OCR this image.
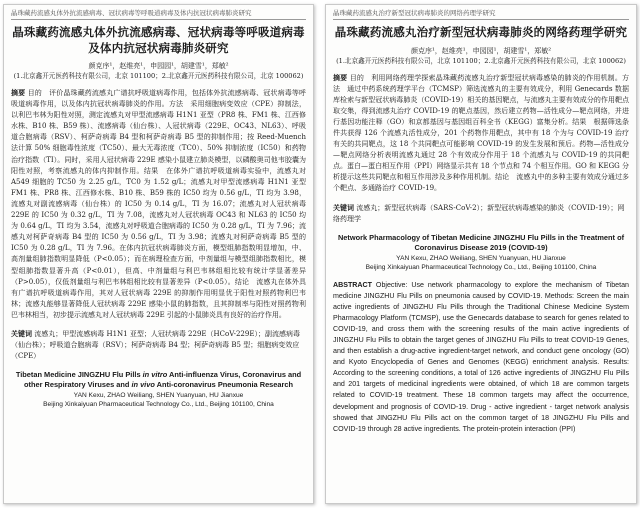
晶珠藏药流感丸体外抗流感病毒、冠状病毒等呼吸道病毒及体内抗冠状病毒肺炎研究
晶珠藏药流感丸体外抗流感病毒、冠状病毒等呼吸道病毒及体内抗冠状病毒肺炎研究
颜克序¹，赵维亮¹，申园园¹，胡建雪¹，郑敏²
(1.北京鑫开元医药科技有限公司，北京 101100；2.北京鑫开元医药科技有限公司，北京 100062)
摘要 目的　评价晶珠藏药流感丸广谱抗呼吸道病毒作用，包括体外抗流感病毒、冠状病毒等呼吸道病毒作用，以及体内抗冠状病毒肺炎的作用。方法　采用细胞病变效应（CPE）抑制法，以利巴韦林为阳性对照，测定流感丸对甲型流感病毒 H1N1 亚型（PR8 株、FM1 株、江西修水株、B10 株、B59 株）、流感病毒（仙台株）、人冠状病毒（229E、OC43、NL63）、呼吸道合胞病毒（RSV）、柯萨奇病毒 B4 型和柯萨奇病毒 B5 型的抑制作用；按 Reed-Muench 法计算 50% 细胞毒性浓度（TC50）、最大无毒浓度（TC0）、50% 抑制浓度（IC50）和药物治疗指数（TI）。同时，采用人冠状病毒 229E 感染小鼠建立肺炎模型，以磷酸奥司他韦胶囊为阳性对照，考察流感丸的体内抑制作用。结果　在体外广谱抗呼吸道病毒实验中，流感丸对 A549 细胞的 TC50 为 2.25 g/L，TC0 为 1.52 g/L；流感丸对甲型流感病毒 H1N1 亚型 FM1 株、PR8 株、江西修水株、B10 株、B59 株的 IC50 均为 0.56 g/L，TI 均为 3.98，流感丸对副流感病毒（仙台株）的 IC50 为 0.14 g/L，TI 为 16.07；流感丸对人冠状病毒 229E 的 IC50 为 0.32 g/L，TI 为 7.08，流感丸对人冠状病毒 OC43 和 NL63 的 IC50 均为 0.64 g/L，TI 均为 3.54，流感丸对呼吸道合胞病毒的 IC50 为 0.28 g/L，TI 为 7.96；流感丸对柯萨奇病毒 B4 型的 IC50 为 0.56 g/L，TI 为 3.98；流感丸对柯萨奇病毒 B5 型的 IC50 为 0.28 g/L，TI 为 7.96。在体内抗冠状病毒肺炎方面，模型组肺指数明显增加，中、高剂量组肺指数明显降低（P<0.05）；而在病理检查方面，中剂量组与模型组肺指数相比，模型组肺指数显著升高（P<0.01），但高、中剂量组与利巴韦林组相比较有统计学显著差异（P>0.05），仅低剂量组与利巴韦林组相比较有显著差异（P<0.05）。结论　流感丸在体外具有广谱抗呼吸道病毒作用，其对人冠状病毒 229E 的抑制作用明显优于阳性对照药物利巴韦林；流感丸能够显著降低人冠状病毒 229E 感染小鼠的肺指数，且其抑制率与阳性对照药物利巴韦林相当，初步提示流感丸对人冠状病毒 229E 引起的小鼠肺炎具有良好的治疗作用。
关键词 流感丸；甲型流感病毒 H1N1 亚型；人冠状病毒 229E（HCoV-229E）；副流感病毒（仙台株）；呼吸道合胞病毒（RSV）；柯萨奇病毒 B4 型；柯萨奇病毒 B5 型；细胞病变效应（CPE）
Tibetan Medicine JINGZHU Flu Pills in vitro Anti-influenza Virus, Coronavirus and other Respiratory Viruses and in vivo Anti-coronavirus Pneumonia Research
YAN Kexu, ZHAO Weiliang, SHEN Yuanyuan, HU Jianxue
Beijing Xinkaiyuan Pharmaceutical Technology Co., Ltd., Beijing 101100, China
晶珠藏药流感丸治疗新型冠状病毒肺炎的网络药理学研究
晶珠藏药流感丸治疗新型冠状病毒肺炎的网络药理学研究
颜克序¹，赵维亮¹，申园园¹，胡建雪¹，郑敏²
(1.北京鑫开元医药科技有限公司，北京 101100；2.北京鑫开元医药科技有限公司，北京 100062)
摘要 目的　利用网络药理学探索晶珠藏药流感丸治疗新型冠状病毒感染的肺炎的作用机制。方法　通过中药系统药理学平台（TCMSP）筛选流感丸的主要有效成分，利用 Genecards 数据库检索与新型冠状病毒肺炎（COVID-19）相关的基因靶点，与流感丸主要有效成分的作用靶点取交集，得到流感丸治疗 COVID-19 的靶点基因，然后建立药物—活性成分—靶点网络，并进行基因功能注释（GO）和京都基因与基因组百科全书（KEGG）富集分析。结果　根据筛选条件共获得 126 个流感丸活性成分，201 个药物作用靶点，其中有 18 个为与 COVID-19 治疗有关的共同靶点，这 18 个共同靶点可能影响 COVID-19 的发生发展和预后。药物—活性成分—靶点网络分析表明流感丸通过 28 个有效成分作用于 18 个流感丸与 COVID-19 的共同靶点。蛋白—蛋白相互作用（PPI）网络显示共有 18 个节点和 74 个相互作用。GO 和 KEGG 分析提示这些共同靶点和相互作用涉及多种作用机制。结论　流感丸中的多种主要有效成分通过多个靶点、多通路治疗 COVID-19。
关键词 流感丸；新型冠状病毒（SARS-CoV-2）；新型冠状病毒感染的肺炎（COVID-19）；网络药理学
Network Pharmacology of Tibetan Medicine JINGZHU Flu Pills in the Treatment of Coronavirus Disease 2019 (COVID-19)
YAN Kexu, ZHAO Weiliang, SHEN Yuanyuan, HU Jianxue
Beijing Xinkaiyuan Pharmaceutical Technology Co., Ltd., Beijing 101100, China
ABSTRACT Objective: Use network pharmacology to explore the mechanism of Tibetan medicine JINGZHU Flu Pills on pneumonia caused by COVID-19. Methods: Screen the main active ingredients of JINGZHU Flu Pills through the Traditional Chinese Medicine System Pharmacology Platform (TCMSP), use the Genecards database to search for genes related to COVID-19, and cross them with the screening results of the main active ingredients of JINGZHU Flu Pills to obtain the target genes of JINGZHU Flu Pills to treat COVID-19 Genes, and then establish a drug-active ingredient-target network, and conduct gene oncology (GO) and Kyoto Encyclopedia of Genes and Genomes (KEGG) enrichment analysis. Results: According to the screening conditions, a total of 126 active ingredients of JINGZHU Flu Pills and 201 targets of medicinal ingredients were obtained, of which 18 are common targets related to COVID-19 treatment. These 18 common targets may affect the occurrence, development and prognosis of COVID-19. Drug - active ingredient - target network analysis showed that JINGZHU Flu Pills act on the common target of 18 JINGZHU Flu Pills and COVID-19 through 28 active ingredients. The protein-protein interaction (PPI)
